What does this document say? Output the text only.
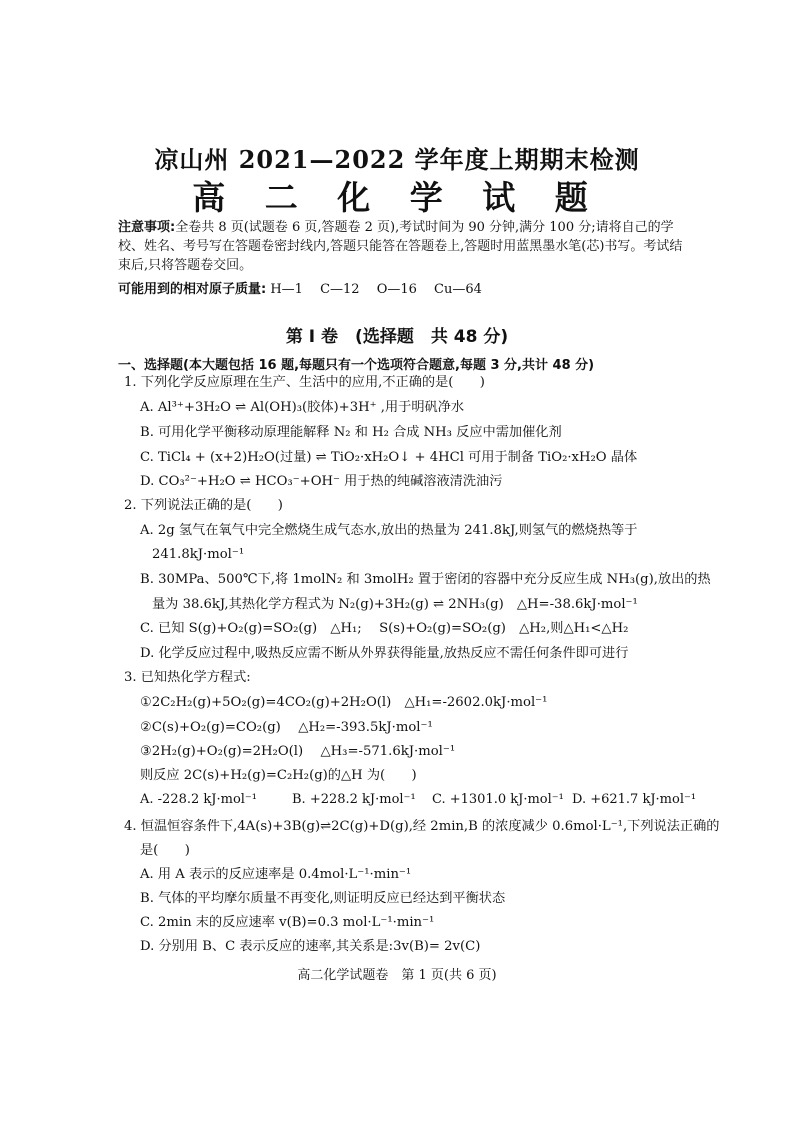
凉山州 2021—2022 学年度上期期末检测
高 二 化 学 试 题
注意事项:全卷共 8 页(试题卷 6 页,答题卷 2 页),考试时间为 90 分钟,满分 100 分;请将自己的学校、姓名、考号写在答题卷密封线内,答题只能答在答题卷上,答题时用蓝黑墨水笔(芯)书写。考试结束后,只将答题卷交回。
可能用到的相对原子质量: H—1　 C—12　 O—16　 Cu—64
第 I 卷　(选择题　共 48 分)
一、选择题(本大题包括 16 题,每题只有一个选项符合题意,每题 3 分,共计 48 分)
1. 下列化学反应原理在生产、生活中的应用,不正确的是(　　)
A. Al³⁺+3H₂O ⇌ Al(OH)₃(胶体)+3H⁺ ,用于明矾净水
B. 可用化学平衡移动原理能解释 N₂ 和 H₂ 合成 NH₃ 反应中需加催化剂
C. TiCl₄ + (x+2)H₂O(过量) ⇌ TiO₂·xH₂O↓ + 4HCl 可用于制备 TiO₂·xH₂O 晶体
D. CO₃²⁻+H₂O ⇌ HCO₃⁻+OH⁻ 用于热的纯碱溶液清洗油污
2. 下列说法正确的是(　　)
A. 2g 氢气在氧气中完全燃烧生成气态水,放出的热量为 241.8kJ,则氢气的燃烧热等于
241.8kJ·mol⁻¹
B. 30MPa、500℃下,将 1molN₂ 和 3molH₂ 置于密闭的容器中充分反应生成 NH₃(g),放出的热
量为 38.6kJ,其热化学方程式为 N₂(g)+3H₂(g) ⇌ 2NH₃(g)　△H=-38.6kJ·mol⁻¹
C. 已知 S(g)+O₂(g)=SO₂(g)　△H₁;　 S(s)+O₂(g)=SO₂(g)　△H₂,则△H₁<△H₂
D. 化学反应过程中,吸热反应需不断从外界获得能量,放热反应不需任何条件即可进行
3. 已知热化学方程式:
①2C₂H₂(g)+5O₂(g)=4CO₂(g)+2H₂O(l)　△H₁=-2602.0kJ·mol⁻¹
②C(s)+O₂(g)=CO₂(g)　 △H₂=-393.5kJ·mol⁻¹
③2H₂(g)+O₂(g)=2H₂O(l)　 △H₃=-571.6kJ·mol⁻¹
则反应 2C(s)+H₂(g)=C₂H₂(g)的△H 为(　　)
A. -228.2 kJ·mol⁻¹	B. +228.2 kJ·mol⁻¹ C. +1301.0 kJ·mol⁻¹ D. +621.7 kJ·mol⁻¹
4. 恒温恒容条件下,4A(s)+3B(g)⇌2C(g)+D(g),经 2min,B 的浓度减少 0.6mol·L⁻¹,下列说法正确的
是(　　)
A. 用 A 表示的反应速率是 0.4mol·L⁻¹·min⁻¹
B. 气体的平均摩尔质量不再变化,则证明反应已经达到平衡状态
C. 2min 末的反应速率 v(B)=0.3 mol·L⁻¹·min⁻¹
D. 分别用 B、C 表示反应的速率,其关系是:3v(B)= 2v(C)
高二化学试题卷　第 1 页(共 6 页)
